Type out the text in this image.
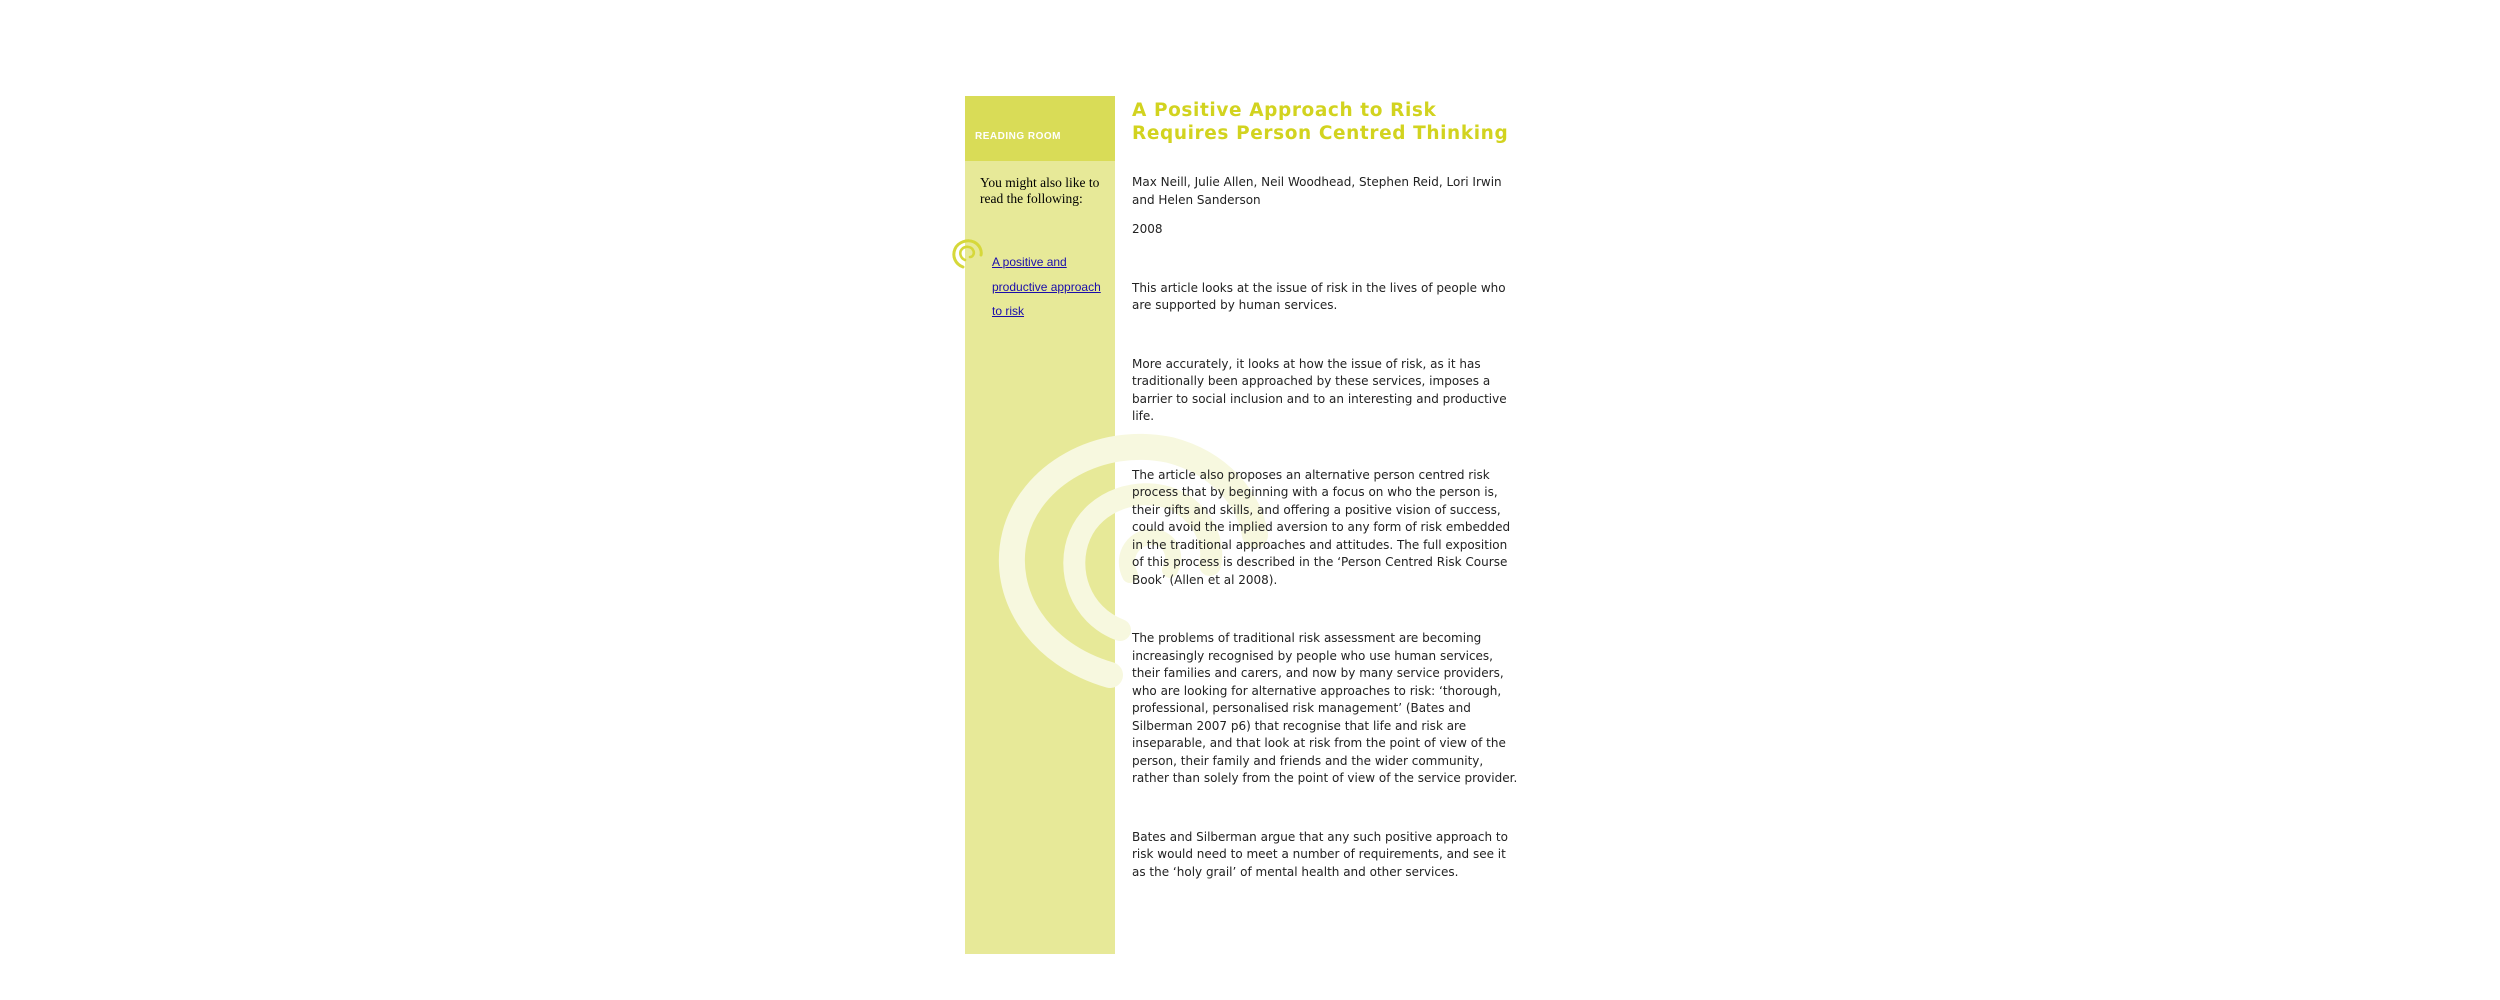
READING ROOM
You might also like to read the following:
A positive and productive approach to risk
A Positive Approach to Risk Requires Person Centred Thinking

Max Neill, Julie Allen, Neil Woodhead, Stephen Reid, Lori Irwin and Helen Sanderson

2008

This article looks at the issue of risk in the lives of people who are supported by human services.

More accurately, it looks at how the issue of risk, as it has traditionally been approached by these services, imposes a barrier to social inclusion and to an interesting and productive life.

The article also proposes an alternative person centred risk process that by beginning with a focus on who the person is, their gifts and skills, and offering a positive vision of success, could avoid the implied aversion to any form of risk embedded in the traditional approaches and attitudes. The full exposition of this process is described in the ‘Person Centred Risk Course Book’ (Allen et al 2008).

The problems of traditional risk assessment are becoming increasingly recognised by people who use human services, their families and carers, and now by many service providers, who are looking for alternative approaches to risk: ‘thorough, professional, personalised risk management’ (Bates and Silberman 2007 p6) that recognise that life and risk are inseparable, and that look at risk from the point of view of the person, their family and friends and the wider community, rather than solely from the point of view of the service provider.

Bates and Silberman argue that any such positive approach to risk would need to meet a number of requirements, and see it as the ‘holy grail’ of mental health and other services.
